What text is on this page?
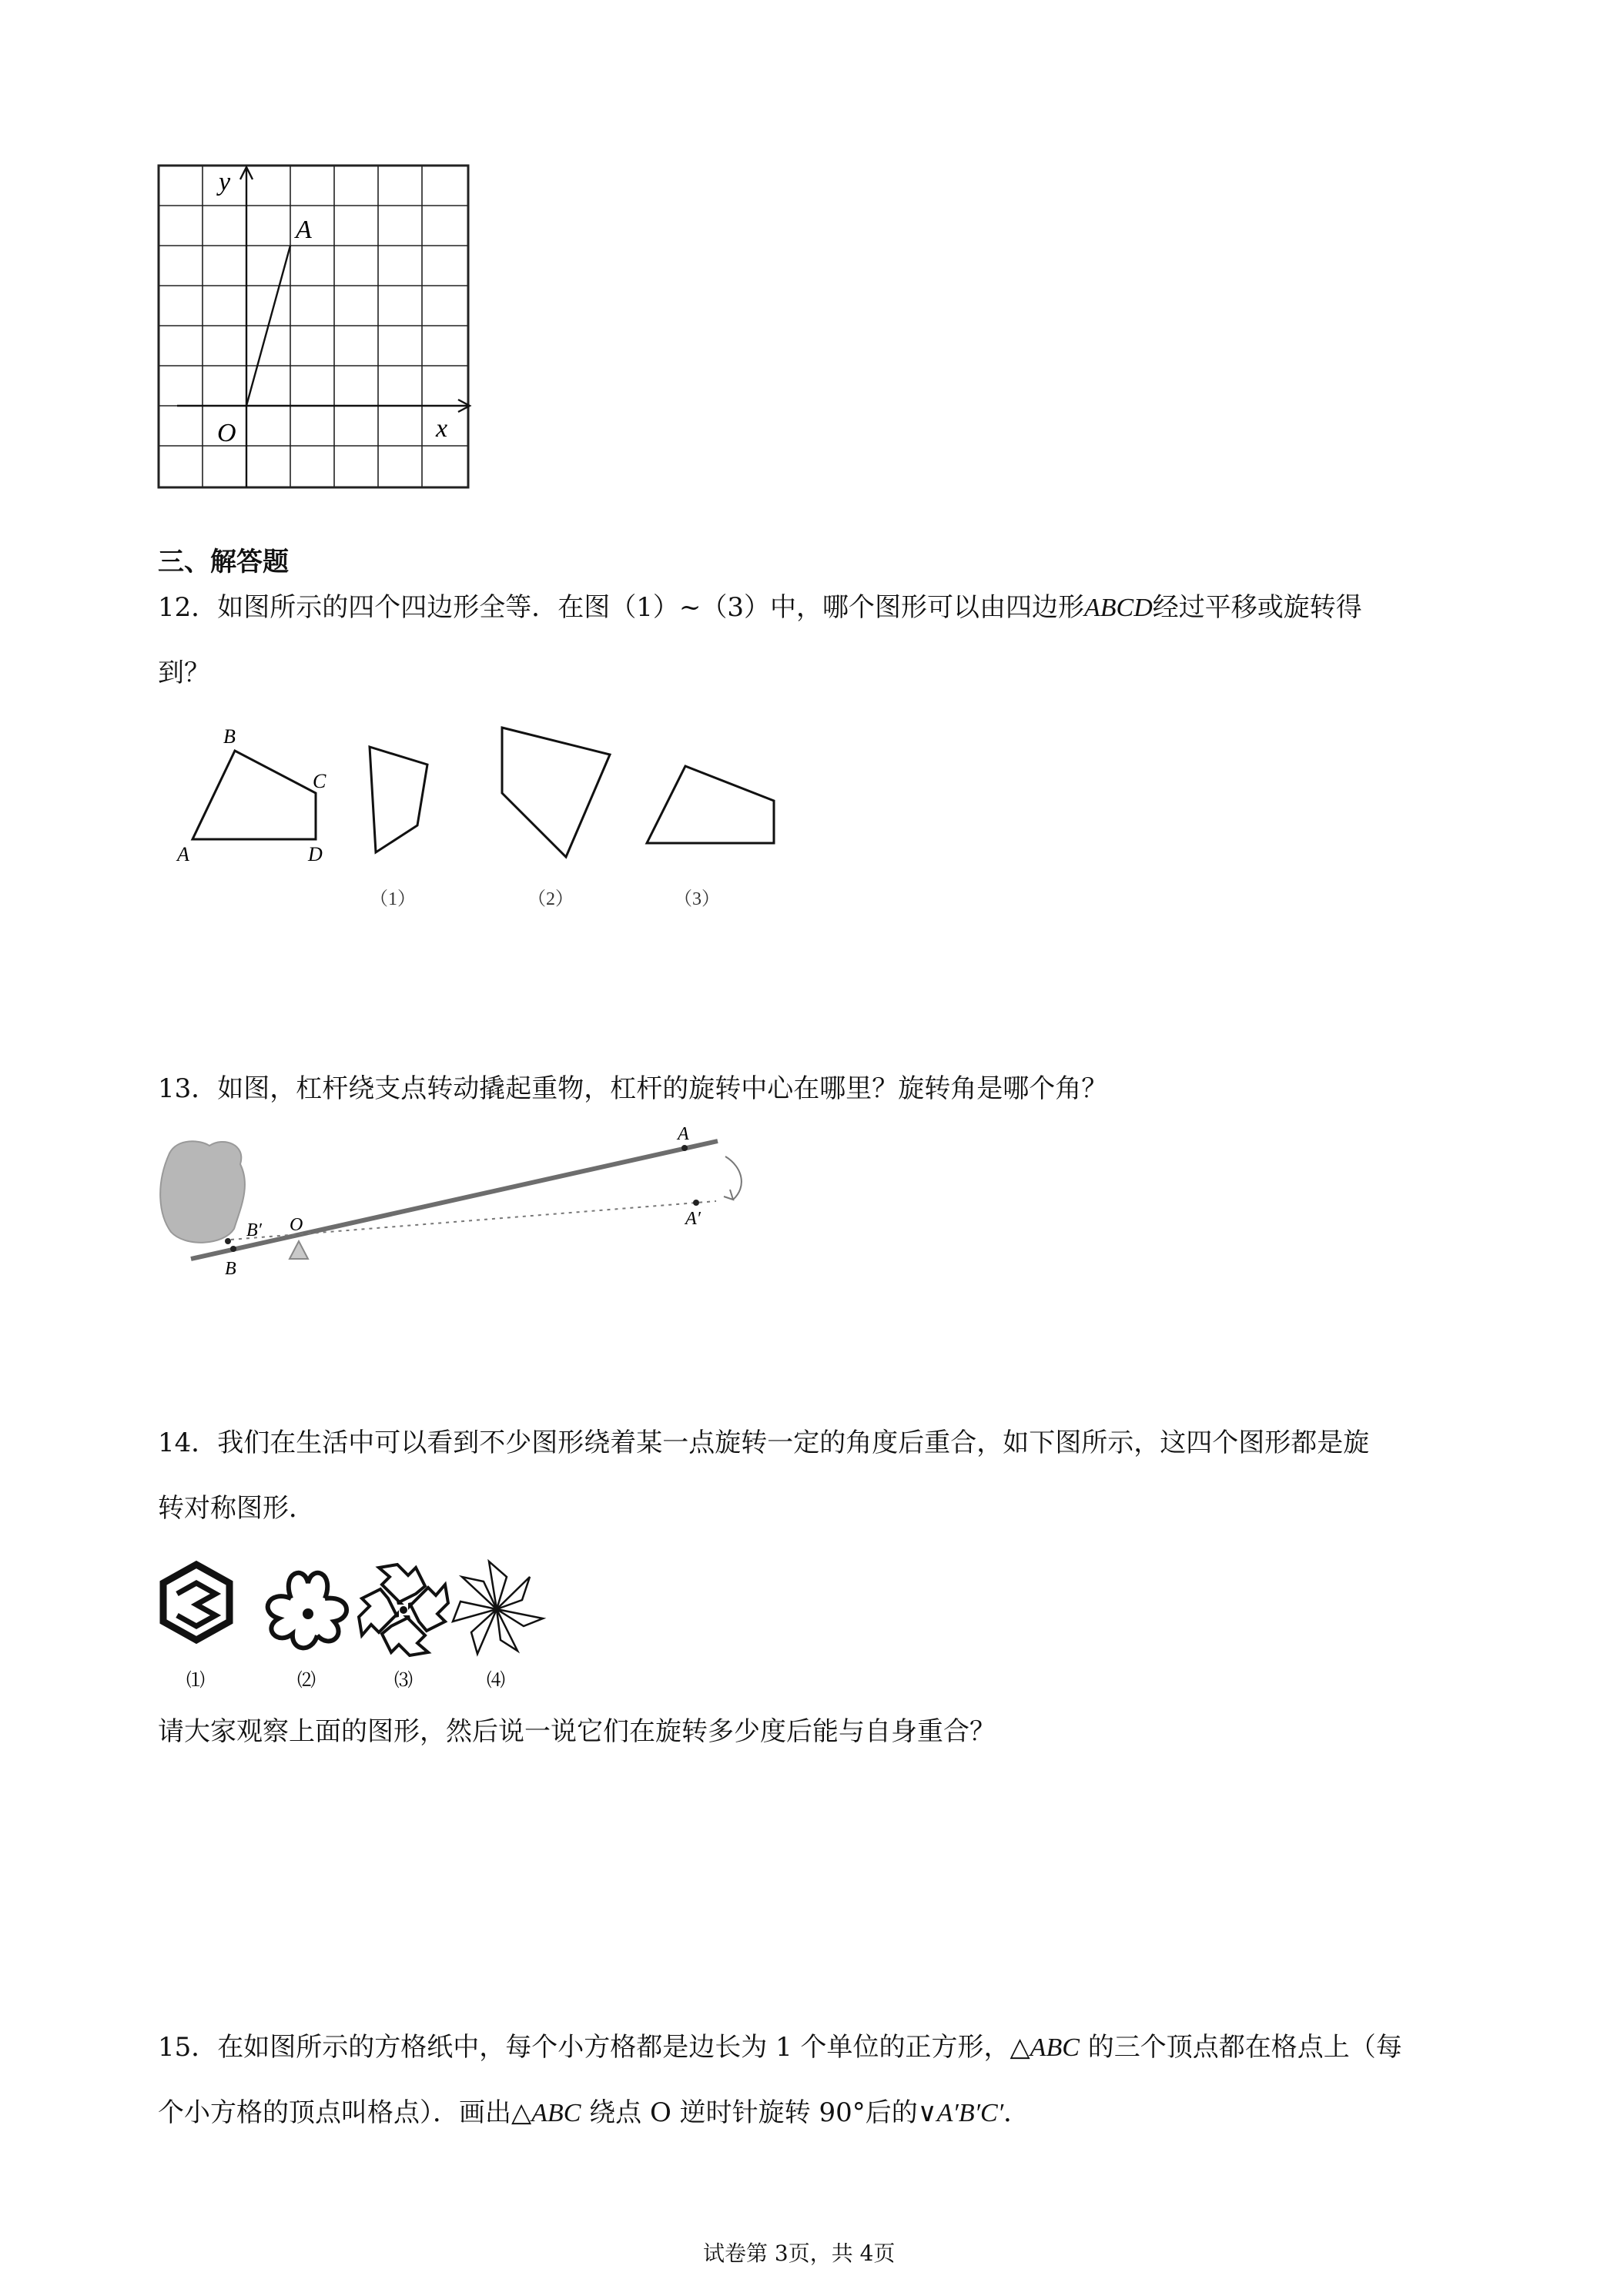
y
x
O
A
三、解答题
12．如图所示的四个四边形全等．在图（1）~（3）中，哪个图形可以由四边形ABCD经过平移或旋转得
到？
B
C
A	D
（1）	（2）	（3）
13．如图，杠杆绕支点转动撬起重物，杠杆的旋转中心在哪里？旋转角是哪个角？
A
A′
B′ O
B
14．我们在生活中可以看到不少图形绕着某一点旋转一定的角度后重合，如下图所示，这四个图形都是旋
转对称图形．
⑴	⑵	⑶	⑷
请大家观察上面的图形，然后说一说它们在旋转多少度后能与自身重合？
15．在如图所示的方格纸中，每个小方格都是边长为 1 个单位的正方形，△ABC 的三个顶点都在格点上（每
个小方格的顶点叫格点）．画出△ABC 绕点 O 逆时针旋转 90°后的∨A′B′C′．
试卷第 3页，共 4页
